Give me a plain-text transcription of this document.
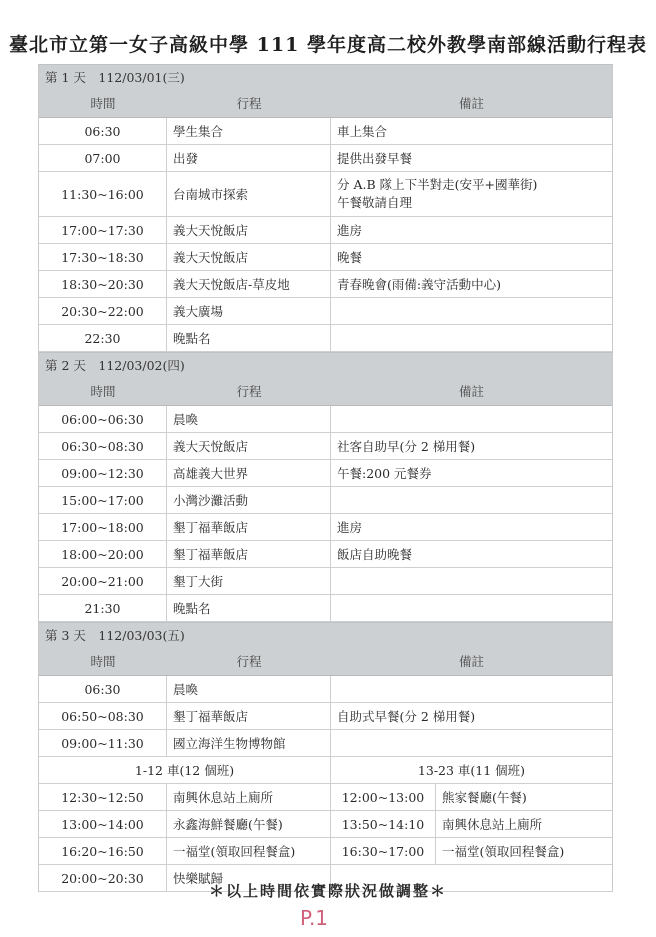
臺北市立第一女子高級中學 111 學年度高二校外教學南部線活動行程表
第 1 天　112/03/01(三)
時間	行程	備註
06:30	學生集合	車上集合
07:00	出發	提供出發早餐
11:30~16:00	台南城市探索
分 A.B 隊上下半對走(安平+國華街)
午餐敬請自理
17:00~17:30	義大天悅飯店	進房
17:30~18:30	義大天悅飯店	晚餐
18:30~20:30	義大天悅飯店-草皮地	青春晚會(雨備:義守活動中心)
20:30~22:00	義大廣場
22:30	晚點名
第 2 天　112/03/02(四)
時間	行程	備註
06:00~06:30	晨喚
06:30~08:30	義大天悅飯店	社客自助早(分 2 梯用餐)
09:00~12:30	高雄義大世界	午餐:200 元餐券
15:00~17:00	小灣沙灘活動
17:00~18:00	墾丁福華飯店	進房
18:00~20:00	墾丁福華飯店	飯店自助晚餐
20:00~21:00	墾丁大街
21:30	晚點名
第 3 天　112/03/03(五)
時間	行程	備註
06:30	晨喚
06:50~08:30	墾丁福華飯店	自助式早餐(分 2 梯用餐)
09:00~11:30	國立海洋生物博物館
1-12 車(12 個班)	13-23 車(11 個班)
12:30~12:50	南興休息站上廁所	12:00~13:00	熊家餐廳(午餐)
13:00~14:00	永鑫海鮮餐廳(午餐)	13:50~14:10	南興休息站上廁所
16:20~16:50	一福堂(領取回程餐盒)	16:30~17:00	一福堂(領取回程餐盒)
20:00~20:30	快樂賦歸
＊以上時間依實際狀況做調整＊
P.1
